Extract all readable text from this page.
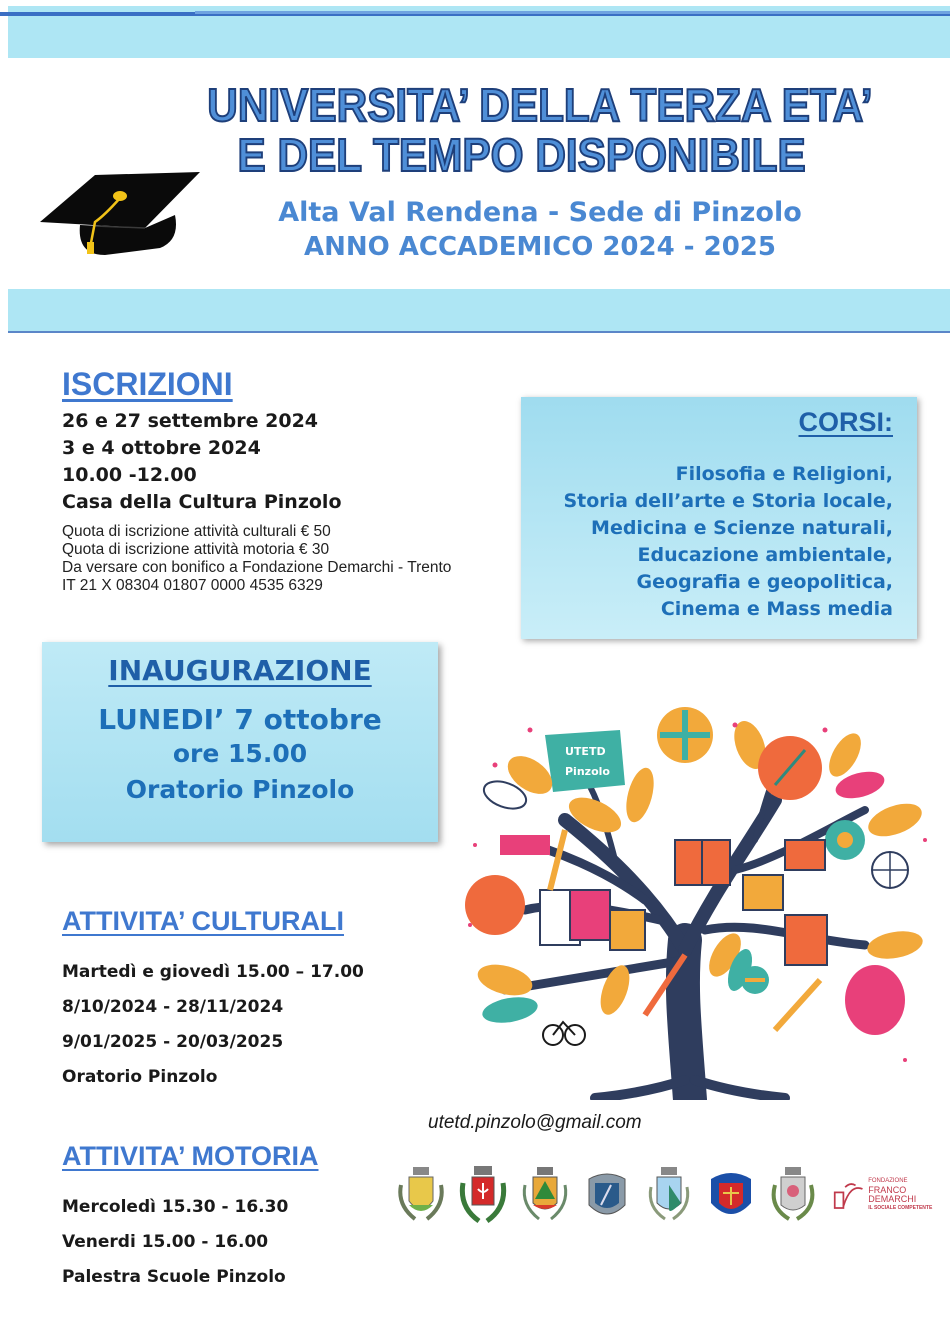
UNIVERSITA’ DELLA TERZA ETA’
E DEL TEMPO DISPONIBILE
Alta Val Rendena - Sede di Pinzolo
ANNO ACCADEMICO 2024 - 2025
ISCRIZIONI
26 e 27 settembre 2024
3 e 4 ottobre 2024
10.00 -12.00
Casa della Cultura Pinzolo
Quota di iscrizione attività culturali € 50
Quota di iscrizione attività motoria € 30
Da versare con bonifico a Fondazione Demarchi - Trento
IT 21 X 08304 01807 0000 4535 6329
CORSI:
Filosofia e Religioni,
Storia dell’arte e Storia locale,
Medicina e Scienze naturali,
Educazione ambientale,
Geografia e geopolitica,
Cinema e Mass media
INAUGURAZIONE
LUNEDI’ 7 ottobre
ore 15.00
Oratorio Pinzolo
UTETD
Pinzolo
ATTIVITA’ CULTURALI
Martedì e giovedì 15.00 – 17.00
8/10/2024 - 28/11/2024
9/01/2025 - 20/03/2025
Oratorio Pinzolo
ATTIVITA’ MOTORIA
Mercoledì 15.30 - 16.30
Venerdi 15.00 - 16.00
Palestra Scuole Pinzolo
utetd.pinzolo@gmail.com
FONDAZIONE
FRANCO DEMARCHI
IL SOCIALE COMPETENTE
